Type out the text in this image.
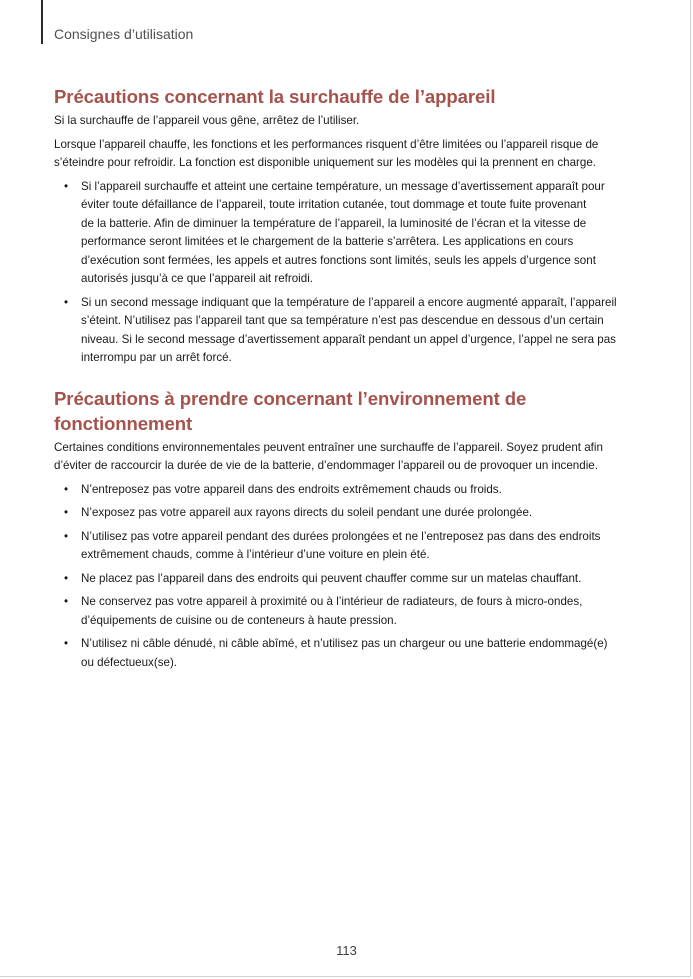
Consignes d’utilisation
Précautions concernant la surchauffe de l’appareil

Si la surchauffe de l’appareil vous gêne, arrêtez de l’utiliser.

Lorsque l’appareil chauffe, les fonctions et les performances risquent d’être limitées ou l’appareil risque de
s’éteindre pour refroidir. La fonction est disponible uniquement sur les modèles qui la prennent en charge.

• Si l’appareil surchauffe et atteint une certaine température, un message d’avertissement apparaît pour
éviter toute défaillance de l’appareil, toute irritation cutanée, tout dommage et toute fuite provenant
de la batterie. Afin de diminuer la température de l’appareil, la luminosité de l’écran et la vitesse de
performance seront limitées et le chargement de la batterie s’arrêtera. Les applications en cours
d’exécution sont fermées, les appels et autres fonctions sont limités, seuls les appels d’urgence sont
autorisés jusqu’à ce que l’appareil ait refroidi.
• Si un second message indiquant que la température de l’appareil a encore augmenté apparaît, l’appareil
s’éteint. N’utilisez pas l’appareil tant que sa température n’est pas descendue en dessous d’un certain
niveau. Si le second message d’avertissement apparaît pendant un appel d’urgence, l’appel ne sera pas
interrompu par un arrêt forcé.
Précautions à prendre concernant l’environnement de
fonctionnement

Certaines conditions environnementales peuvent entraîner une surchauffe de l’appareil. Soyez prudent afin
d’éviter de raccourcir la durée de vie de la batterie, d’endommager l’appareil ou de provoquer un incendie.

• N’entreposez pas votre appareil dans des endroits extrêmement chauds ou froids.
• N’exposez pas votre appareil aux rayons directs du soleil pendant une durée prolongée.
• N’utilisez pas votre appareil pendant des durées prolongées et ne l’entreposez pas dans des endroits
extrêmement chauds, comme à l’intérieur d’une voiture en plein été.
• Ne placez pas l’appareil dans des endroits qui peuvent chauffer comme sur un matelas chauffant.
• Ne conservez pas votre appareil à proximité ou à l’intérieur de radiateurs, de fours à micro-ondes,
d’équipements de cuisine ou de conteneurs à haute pression.
• N’utilisez ni câble dénudé, ni câble abîmé, et n’utilisez pas un chargeur ou une batterie endommagé(e)
ou défectueux(se).
113
